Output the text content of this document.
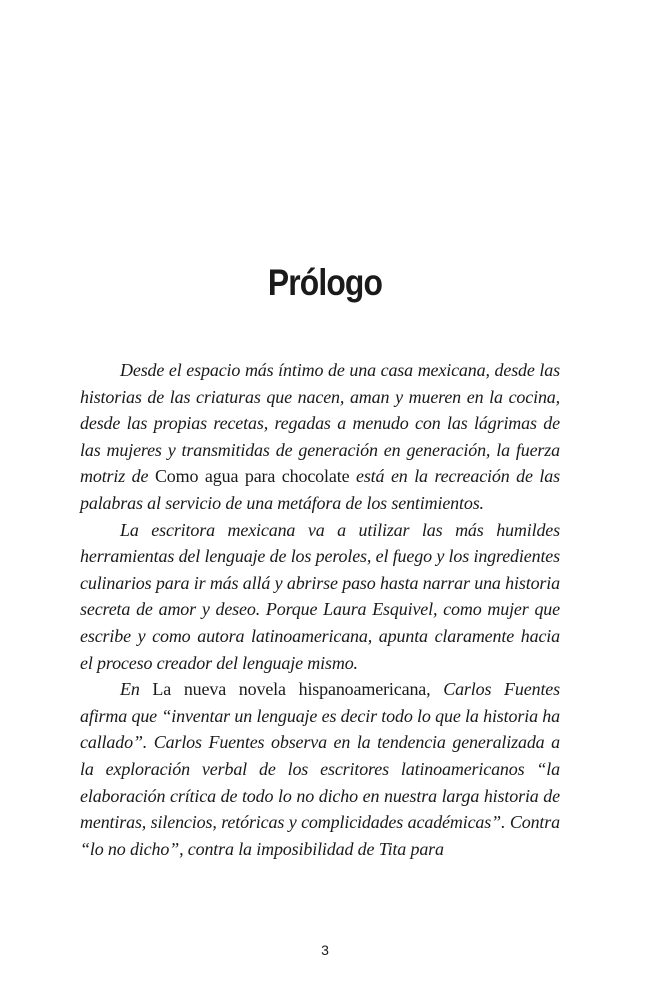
Prólogo

Desde el espacio más íntimo de una casa mexicana, desde las historias de las criaturas que nacen, aman y mueren en la cocina, desde las propias recetas, regadas a menudo con las lágrimas de las mujeres y transmitidas de generación en generación, la fuerza motriz de Como agua para chocolate está en la recreación de las palabras al servicio de una metáfora de los sentimientos.

La escritora mexicana va a utilizar las más humildes herramientas del lenguaje de los peroles, el fuego y los ingredientes culinarios para ir más allá y abrirse paso hasta narrar una historia secreta de amor y deseo. Porque Laura Esquivel, como mujer que escribe y como autora latinoamericana, apunta claramente hacia el proceso creador del lenguaje mismo.

En La nueva novela hispanoamericana, Carlos Fuentes afirma que “inventar un lenguaje es decir todo lo que la historia ha callado”. Carlos Fuentes observa en la tendencia generalizada a la exploración verbal de los escritores latinoamericanos “la elaboración crítica de todo lo no dicho en nuestra larga historia de mentiras, silencios, retóricas y complicidades académicas”. Contra “lo no dicho”, contra la imposibilidad de Tita para

3
